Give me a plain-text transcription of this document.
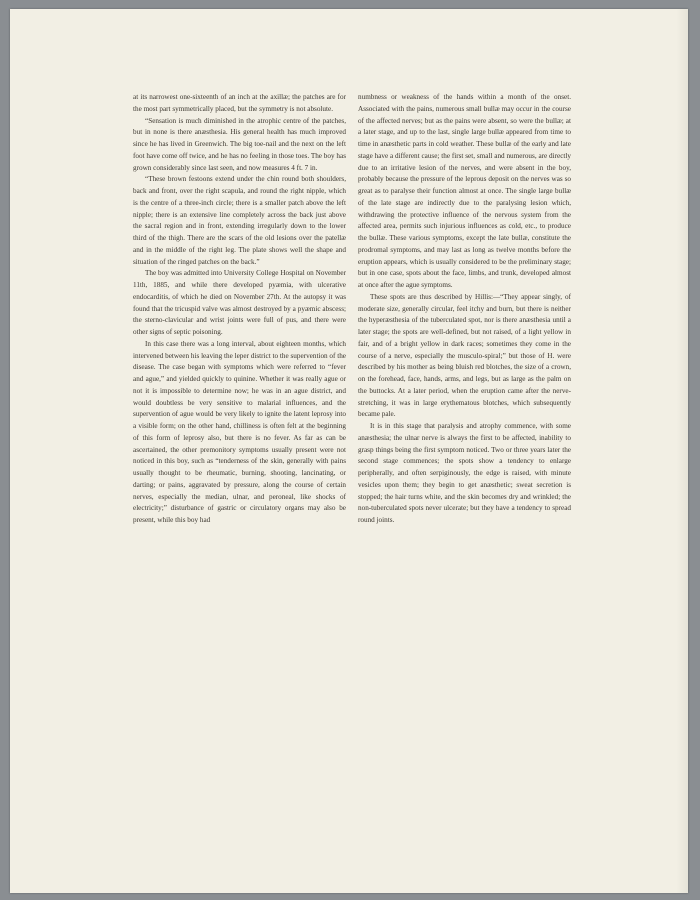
at its narrowest one-sixteenth of an inch at the axillæ; the patches are for the most part symmetrically placed, but the symmetry is not absolute.

“Sensation is much diminished in the atrophic centre of the patches, but in none is there anæsthesia. His general health has much improved since he has lived in Greenwich. The big toe-nail and the next on the left foot have come off twice, and he has no feeling in those toes. The boy has grown considerably since last seen, and now measures 4 ft. 7 in.

“These brown festoons extend under the chin round both shoulders, back and front, over the right scapula, and round the right nipple, which is the centre of a three-inch circle; there is a smaller patch above the left nipple; there is an extensive line completely across the back just above the sacral region and in front, extending irregularly down to the lower third of the thigh. There are the scars of the old lesions over the patellæ and in the middle of the right leg. The plate shows well the shape and situation of the ringed patches on the back.”

The boy was admitted into University College Hospital on November 11th, 1885, and while there developed pyæmia, with ulcerative endocarditis, of which he died on November 27th. At the autopsy it was found that the tricuspid valve was almost destroyed by a pyæmic abscess; the sterno-clavicular and wrist joints were full of pus, and there were other signs of septic poisoning.

In this case there was a long interval, about eighteen months, which intervened between his leaving the leper district to the supervention of the disease. The case began with symptoms which were referred to “fever and ague,” and yielded quickly to quinine. Whether it was really ague or not it is impossible to determine now; he was in an ague district, and would doubtless be very sensitive to malarial influences, and the supervention of ague would be very likely to ignite the latent leprosy into a visible form; on the other hand, chilliness is often felt at the beginning of this form of leprosy also, but there is no fever. As far as can be ascertained, the other premonitory symptoms usually present were not noticed in this boy, such as “tenderness of the skin, generally with pains usually thought to be rheumatic, burning, shooting, lancinating, or darting; or pains, aggravated by pressure, along the course of certain nerves, especially the median, ulnar, and peroneal, like shocks of electricity;” disturbance of gastric or circulatory organs may also be present, while this boy had

numbness or weakness of the hands within a month of the onset. Associated with the pains, numerous small bullæ may occur in the course of the affected nerves; but as the pains were absent, so were the bullæ; at a later stage, and up to the last, single large bullæ appeared from time to time in anæsthetic parts in cold weather. These bullæ of the early and late stage have a different cause; the first set, small and numerous, are directly due to an irritative lesion of the nerves, and were absent in the boy, probably because the pressure of the leprous deposit on the nerves was so great as to paralyse their function almost at once. The single large bullæ of the late stage are indirectly due to the paralysing lesion which, withdrawing the protective influence of the nervous system from the affected area, permits such injurious influences as cold, etc., to produce the bullæ. These various symptoms, except the late bullæ, constitute the prodromal symptoms, and may last as long as twelve months before the eruption appears, which is usually considered to be the preliminary stage; but in one case, spots about the face, limbs, and trunk, developed almost at once after the ague symptoms.

These spots are thus described by Hillis:—“They appear singly, of moderate size, generally circular, feel itchy and burn, but there is neither the hyperæsthesia of the tuberculated spot, nor is there anæsthesia until a later stage; the spots are well-defined, but not raised, of a light yellow in fair, and of a bright yellow in dark races; sometimes they come in the course of a nerve, especially the musculo-spiral;” but those of H. were described by his mother as being bluish red blotches, the size of a crown, on the forehead, face, hands, arms, and legs, but as large as the palm on the buttocks. At a later period, when the eruption came after the nerve-stretching, it was in large erythematous blotches, which subsequently became pale.

It is in this stage that paralysis and atrophy commence, with some anæsthesia; the ulnar nerve is always the first to be affected, inability to grasp things being the first symptom noticed. Two or three years later the second stage commences; the spots show a tendency to enlarge peripherally, and often serpiginously, the edge is raised, with minute vesicles upon them; they begin to get anæsthetic; sweat secretion is stopped; the hair turns white, and the skin becomes dry and wrinkled; the non-tuberculated spots never ulcerate; but they have a tendency to spread round joints.
